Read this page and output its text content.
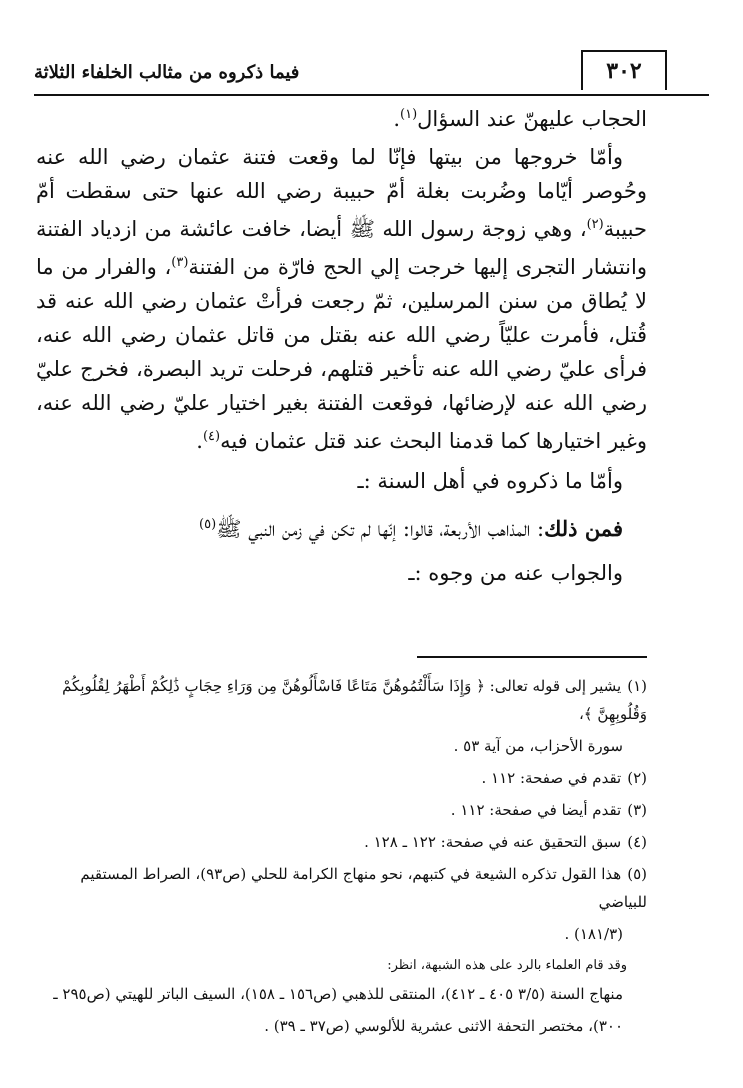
٣٠٢
فيما ذكروه من مثالب الخلفاء الثلاثة

الحجاب عليهنّ عند السؤال$^{(١)}$.

وأمّا خروجها من بيتها فإنّا لما وقعت فتنة عثمان رضي الله عنه وحُوصر أيّاما وضُربت بغلة أمّ حبيبة رضي الله عنها حتى سقطت أمّ حبيبة$^{(٢)}$، وهي زوجة رسول الله ﷺ أيضا، خافت عائشة من ازدياد الفتنة وانتشار التجرى إليها خرجت إلي الحج فارّة من الفتنة$^{(٣)}$، والفرار من ما لا يُطاق من سنن المرسلين، ثمّ رجعت فرأتْ عثمان رضي الله عنه قد قُتل، فأمرت عليّاً رضي الله عنه بقتل من قاتل عثمان رضي الله عنه، فرأى عليّ رضي الله عنه تأخير قتلهم، فرحلت تريد البصرة، فخرج عليّ رضي الله عنه لإرضائها، فوقعت الفتنة بغير اختيار عليّ رضي الله عنه، وغير اختيارها كما قدمنا البحث عند قتل عثمان فيه$^{(٤)}$.

وأمّا ما ذكروه في أهل السنة :ـ

فمن ذلك: المذاهب الأربعة، قالوا: إنّها لم تكن في زمن النبي ﷺ$^{(٥)}$

والجواب عنه من وجوه :ـ

(١)يشير إلى قوله تعالى: ﴿ وَإِذَا سَأَلْتُمُوهُنَّ مَتَاعًا فَاسْأَلُوهُنَّ مِن وَرَاءِ حِجَابٍ ذَٰلِكُمْ أَطْهَرُ لِقُلُوبِكُمْ وَقُلُوبِهِنَّ ﴾،

سورة الأحزاب، من آية ٥٣ .

(٢)تقدم في صفحة: ١١٢ .

(٣)تقدم أيضا في صفحة: ١١٢ .

(٤)سبق التحقيق عنه في صفحة: ١٢٢ ـ ١٢٨ .

(٥)هذا القول تذكره الشيعة في كتبهم، نحو منهاج الكرامة للحلي (ص٩٣)، الصراط المستقيم للبياضي

(١٨١/٣) .

وقد قام العلماء بالرد على هذه الشبهة، انظر:

منهاج السنة (٣/٥ ٤٠٥ ـ ٤١٢)، المنتقى للذهبي (ص١٥٦ ـ ١٥٨)، السيف الباتر للهيتي (ص٢٩٥ ـ

٣٠٠)، مختصر التحفة الاثنى عشرية للألوسي (ص٣٧ ـ ٣٩) .
